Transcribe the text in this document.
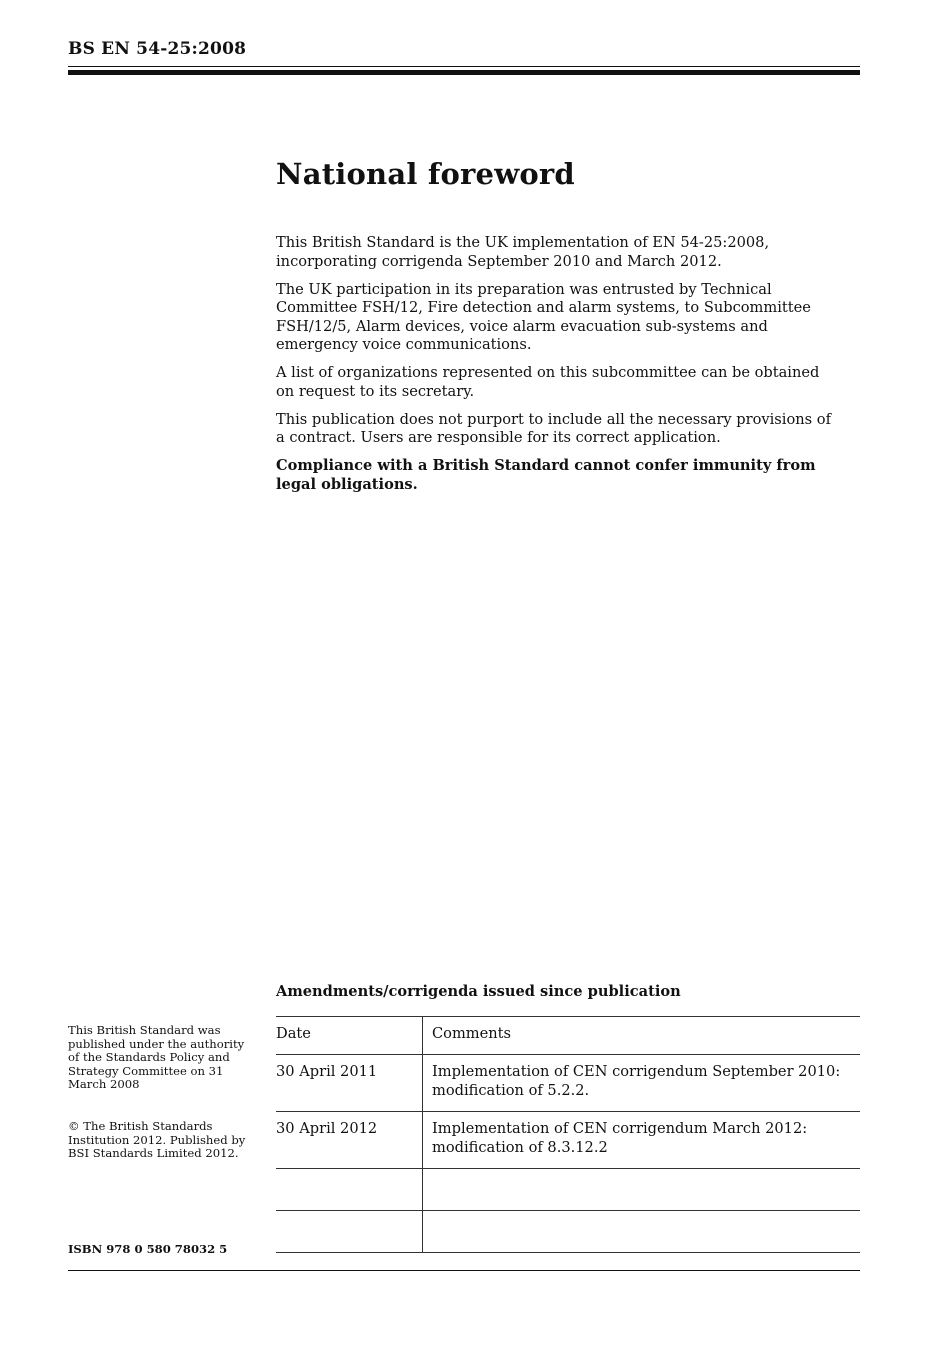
BS EN 54-25:2008
National foreword

This British Standard is the UK implementation of EN 54-25:2008, incorporating corrigenda September 2010 and March 2012.

The UK participation in its preparation was entrusted by Technical Committee FSH/12, Fire detection and alarm systems, to Subcommittee FSH/12/5, Alarm devices, voice alarm evacuation sub-systems and emergency voice communications.

A list of organizations represented on this subcommittee can be obtained on request to its secretary.

This publication does not purport to include all the necessary provisions of a contract. Users are responsible for its correct application.

Compliance with a British Standard cannot confer immunity from legal obligations.

Amendments/corrigenda issued since publication
This British Standard was published under the authority of the Standards Policy and Strategy Committee on 31 March 2008
© The British Standards Institution 2012. Published by BSI Standards Limited 2012.
ISBN 978 0 580 78032 5
Date	Comments
30 April 2011	Implementation of CEN corrigendum September 2010: modification of 5.2.2.
30 April 2012	Implementation of CEN corrigendum March 2012: modification of 8.3.12.2
